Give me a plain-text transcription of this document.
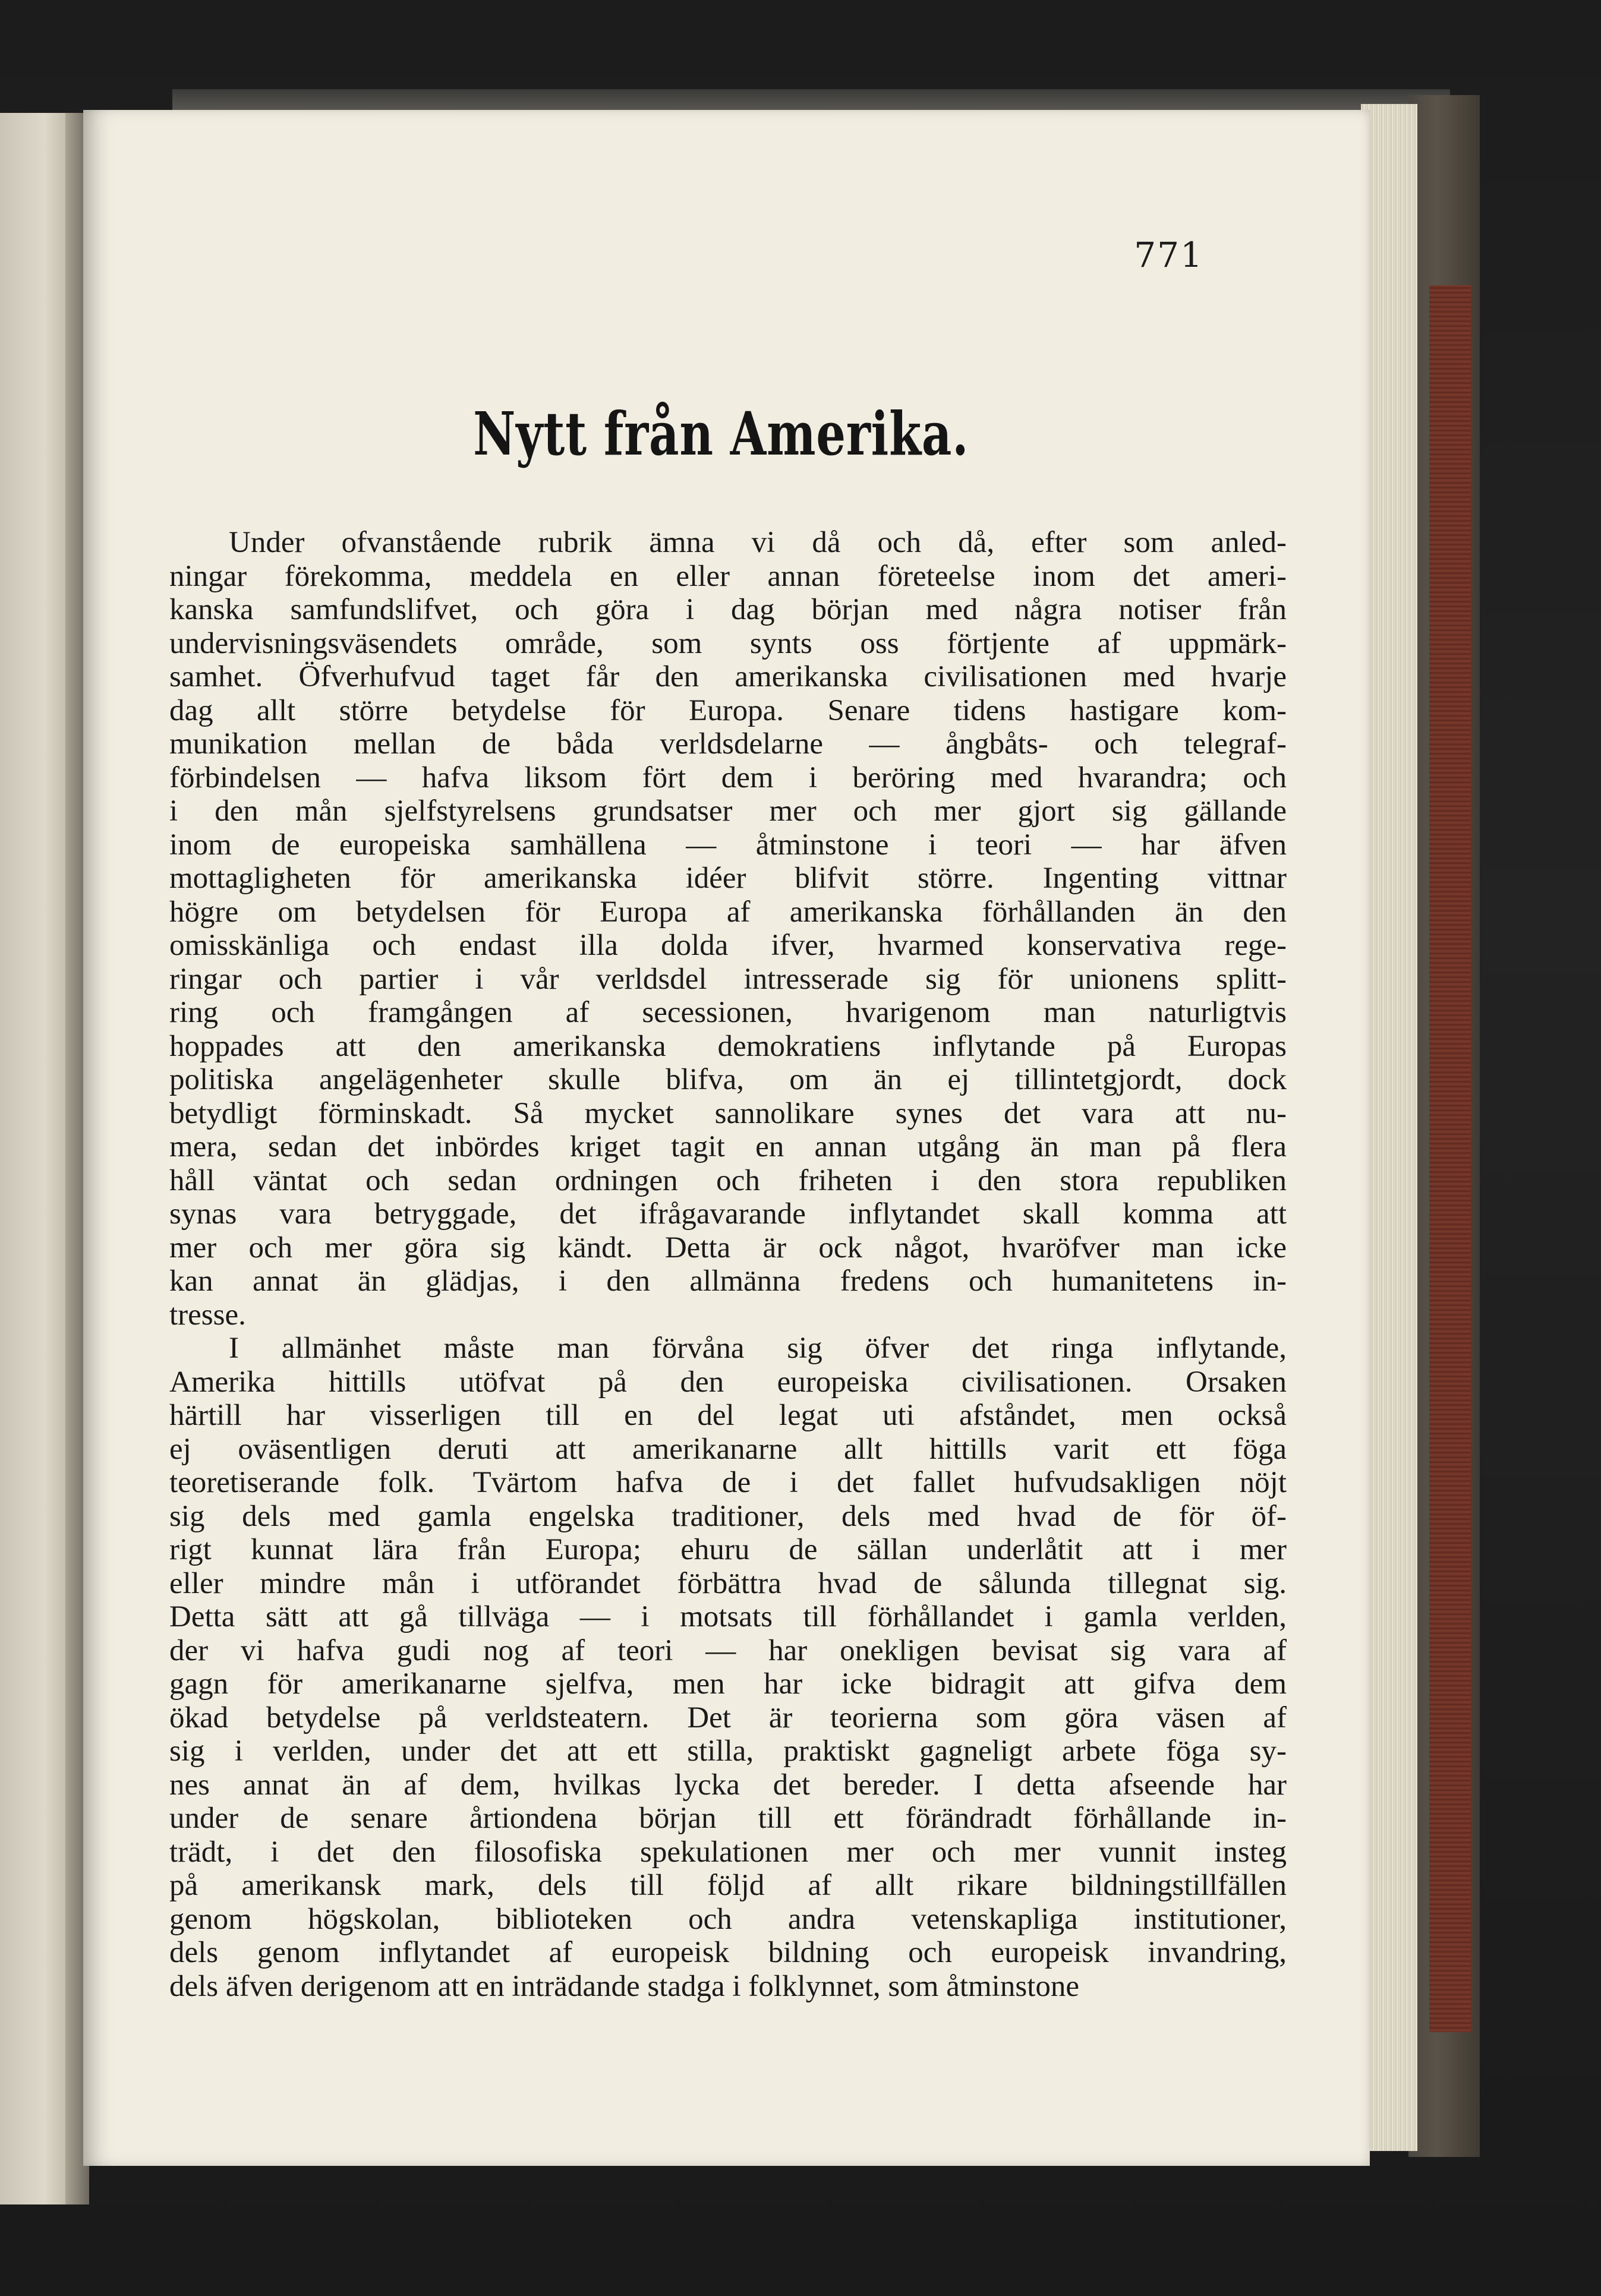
771
Nytt från Amerika.
Under ofvanstående rubrik ämna vi då och då, efter som anled-
ningar förekomma, meddela en eller annan företeelse inom det ameri-
kanska samfundslifvet, och göra i dag början med några notiser från
undervisningsväsendets område, som synts oss förtjente af uppmärk-
samhet. Öfverhufvud taget får den amerikanska civilisationen med hvarje
dag allt större betydelse för Europa. Senare tidens hastigare kom-
munikation mellan de båda verldsdelarne — ångbåts- och telegraf-
förbindelsen — hafva liksom fört dem i beröring med hvarandra; och
i den mån sjelfstyrelsens grundsatser mer och mer gjort sig gällande
inom de europeiska samhällena — åtminstone i teori — har äfven
mottagligheten för amerikanska idéer blifvit större. Ingenting vittnar
högre om betydelsen för Europa af amerikanska förhållanden än den
omisskänliga och endast illa dolda ifver, hvarmed konservativa rege-
ringar och partier i vår verldsdel intresserade sig för unionens splitt-
ring och framgången af secessionen, hvarigenom man naturligtvis
hoppades att den amerikanska demokratiens inflytande på Europas
politiska angelägenheter skulle blifva, om än ej tillintetgjordt, dock
betydligt förminskadt. Så mycket sannolikare synes det vara att nu-
mera, sedan det inbördes kriget tagit en annan utgång än man på flera
håll väntat och sedan ordningen och friheten i den stora republiken
synas vara betryggade, det ifrågavarande inflytandet skall komma att
mer och mer göra sig kändt. Detta är ock något, hvaröfver man icke
kan annat än glädjas, i den allmänna fredens och humanitetens in-
tresse.
I allmänhet måste man förvåna sig öfver det ringa inflytande,
Amerika hittills utöfvat på den europeiska civilisationen. Orsaken
härtill har visserligen till en del legat uti afståndet, men också
ej oväsentligen deruti att amerikanarne allt hittills varit ett föga
teoretiserande folk. Tvärtom hafva de i det fallet hufvudsakligen nöjt
sig dels med gamla engelska traditioner, dels med hvad de för öf-
rigt kunnat lära från Europa; ehuru de sällan underlåtit att i mer
eller mindre mån i utförandet förbättra hvad de sålunda tillegnat sig.
Detta sätt att gå tillväga — i motsats till förhållandet i gamla verlden,
der vi hafva gudi nog af teori — har onekligen bevisat sig vara af
gagn för amerikanarne sjelfva, men har icke bidragit att gifva dem
ökad betydelse på verldsteatern. Det är teorierna som göra väsen af
sig i verlden, under det att ett stilla, praktiskt gagneligt arbete föga sy-
nes annat än af dem, hvilkas lycka det bereder. I detta afseende har
under de senare årtiondena början till ett förändradt förhållande in-
trädt, i det den filosofiska spekulationen mer och mer vunnit insteg
på amerikansk mark, dels till följd af allt rikare bildningstillfällen
genom högskolan, biblioteken och andra vetenskapliga institutioner,
dels genom inflytandet af europeisk bildning och europeisk invandring,
dels äfven derigenom att en inträdande stadga i folklynnet, som åtminstone
